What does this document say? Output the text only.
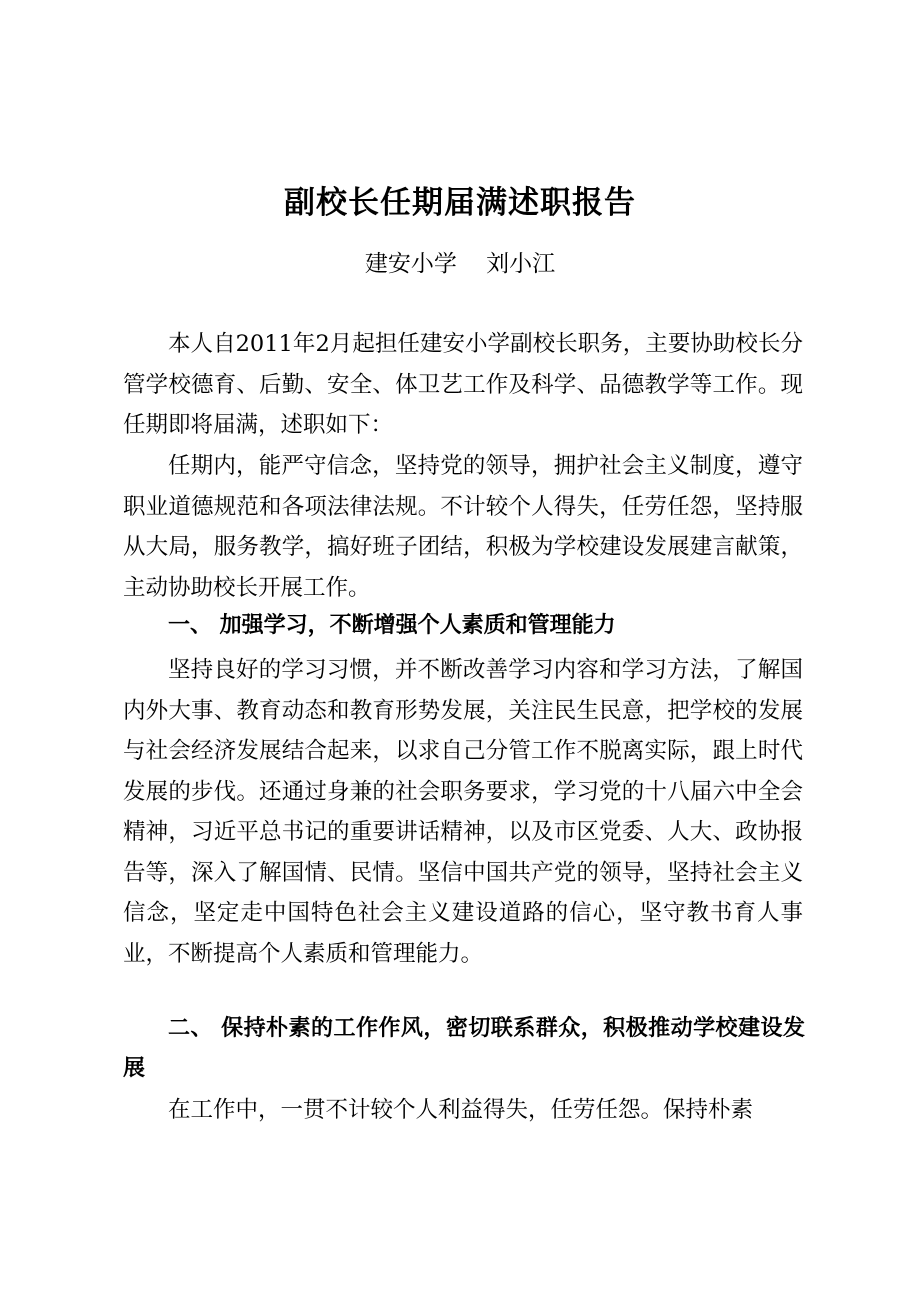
副校长任期届满述职报告
建安小学    刘小江

本人自2011年2月起担任建安小学副校长职务，主要协助校长分管学校德育、后勤、安全、体卫艺工作及科学、品德教学等工作。现任期即将届满，述职如下：

任期内，能严守信念，坚持党的领导，拥护社会主义制度，遵守职业道德规范和各项法律法规。不计较个人得失，任劳任怨，坚持服从大局，服务教学，搞好班子团结，积极为学校建设发展建言献策，主动协助校长开展工作。

一、 加强学习，不断增强个人素质和管理能力

坚持良好的学习习惯，并不断改善学习内容和学习方法，了解国内外大事、教育动态和教育形势发展，关注民生民意，把学校的发展与社会经济发展结合起来，以求自己分管工作不脱离实际，跟上时代发展的步伐。还通过身兼的社会职务要求，学习党的十八届六中全会精神，习近平总书记的重要讲话精神，以及市区党委、人大、政协报告等，深入了解国情、民情。坚信中国共产党的领导，坚持社会主义信念，坚定走中国特色社会主义建设道路的信心，坚守教书育人事业，不断提高个人素质和管理能力。

二、 保持朴素的工作作风，密切联系群众，积极推动学校建设发展

在工作中，一贯不计较个人利益得失，任劳任怨。保持朴素
